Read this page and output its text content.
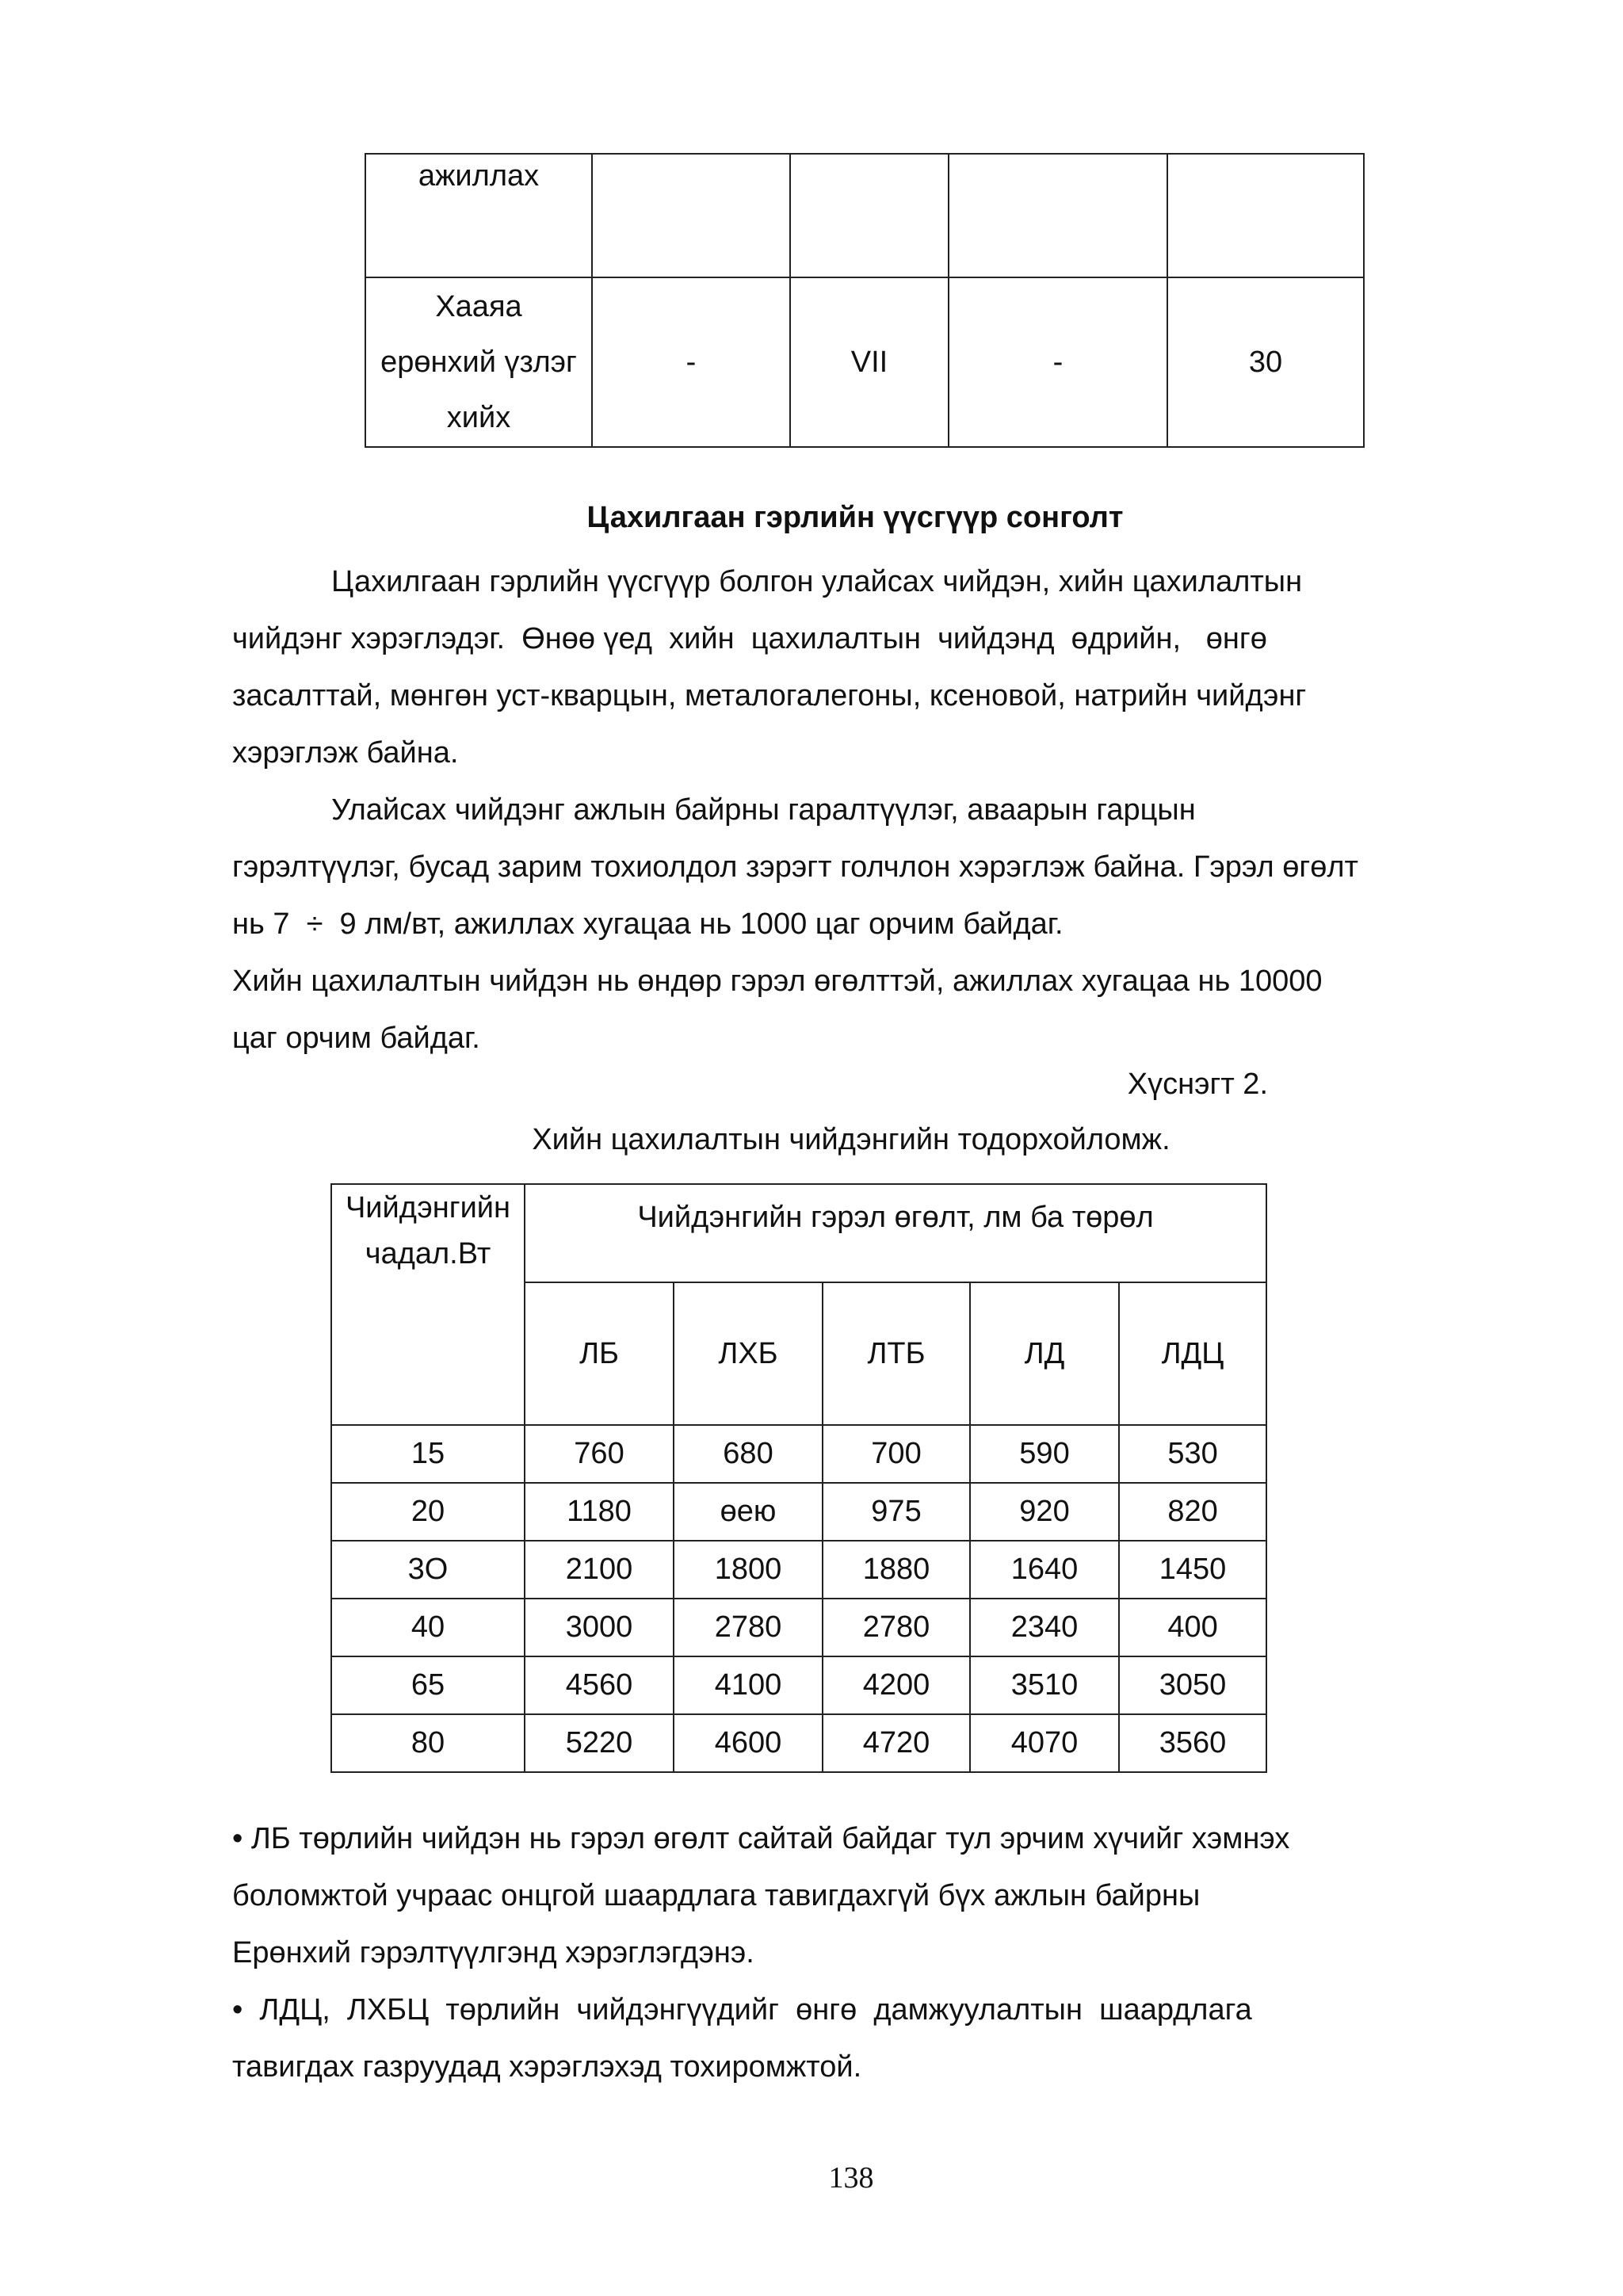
ажиллах				

Хааяа
ерөнхий үзлэг
хийх	-	VII	-	30
Цахилгаан гэрлийн үүсгүүр сонголт
Цахилгаан гэрлийн үүсгүүр болгон улайсах чийдэн, хийн цахилалтын
чийдэнг хэрэглэдэг.  Өнөө үед  хийн  цахилалтын  чийдэнд  өдрийн,   өнгө
засалттай, мөнгөн уст-кварцын, металогалегоны, ксеновой, натрийн чийдэнг
хэрэглэж байна.
Улайсах чийдэнг ажлын байрны гаралтүүлэг, аваарын гарцын
гэрэлтүүлэг, бусад зарим тохиолдол зэрэгт голчлон хэрэглэж байна. Гэрэл өгөлт
нь 7  ÷  9 лм/вт, ажиллах хугацаа нь 1000 цаг орчим байдаг.
Хийн цахилалтын чийдэн нь өндөр гэрэл өгөлттэй, ажиллах хугацаа нь 10000
цаг орчим байдаг.
Хүснэгт 2.
Хийн цахилалтын чийдэнгийн тодорхойломж.
Чийдэнгийн
чадал.Вт	Чийдэнгийн гэрэл өгөлт, лм ба төрөл				
	ЛБ	ЛХБ	ЛТБ	ЛД	ЛДЦ
15	760	680	700	590	530
20	1180	өею	975	920	820
3О	2100	1800	1880	1640	1450
40	3000	2780	2780	2340	400
65	4560	4100	4200	3510	3050
80	5220	4600	4720	4070	3560
• ЛБ төрлийн чийдэн нь гэрэл өгөлт сайтай байдаг тул эрчим хүчийг хэмнэх
боломжтой учраас онцгой шаардлага тавигдахгүй бүх ажлын байрны
Ерөнхий гэрэлтүүлгэнд хэрэглэгдэнэ.
•  ЛДЦ,  ЛХБЦ  төрлийн  чийдэнгүүдийг  өнгө  дамжуулалтын  шаардлага
тавигдах газруудад хэрэглэхэд тохиромжтой.
138
